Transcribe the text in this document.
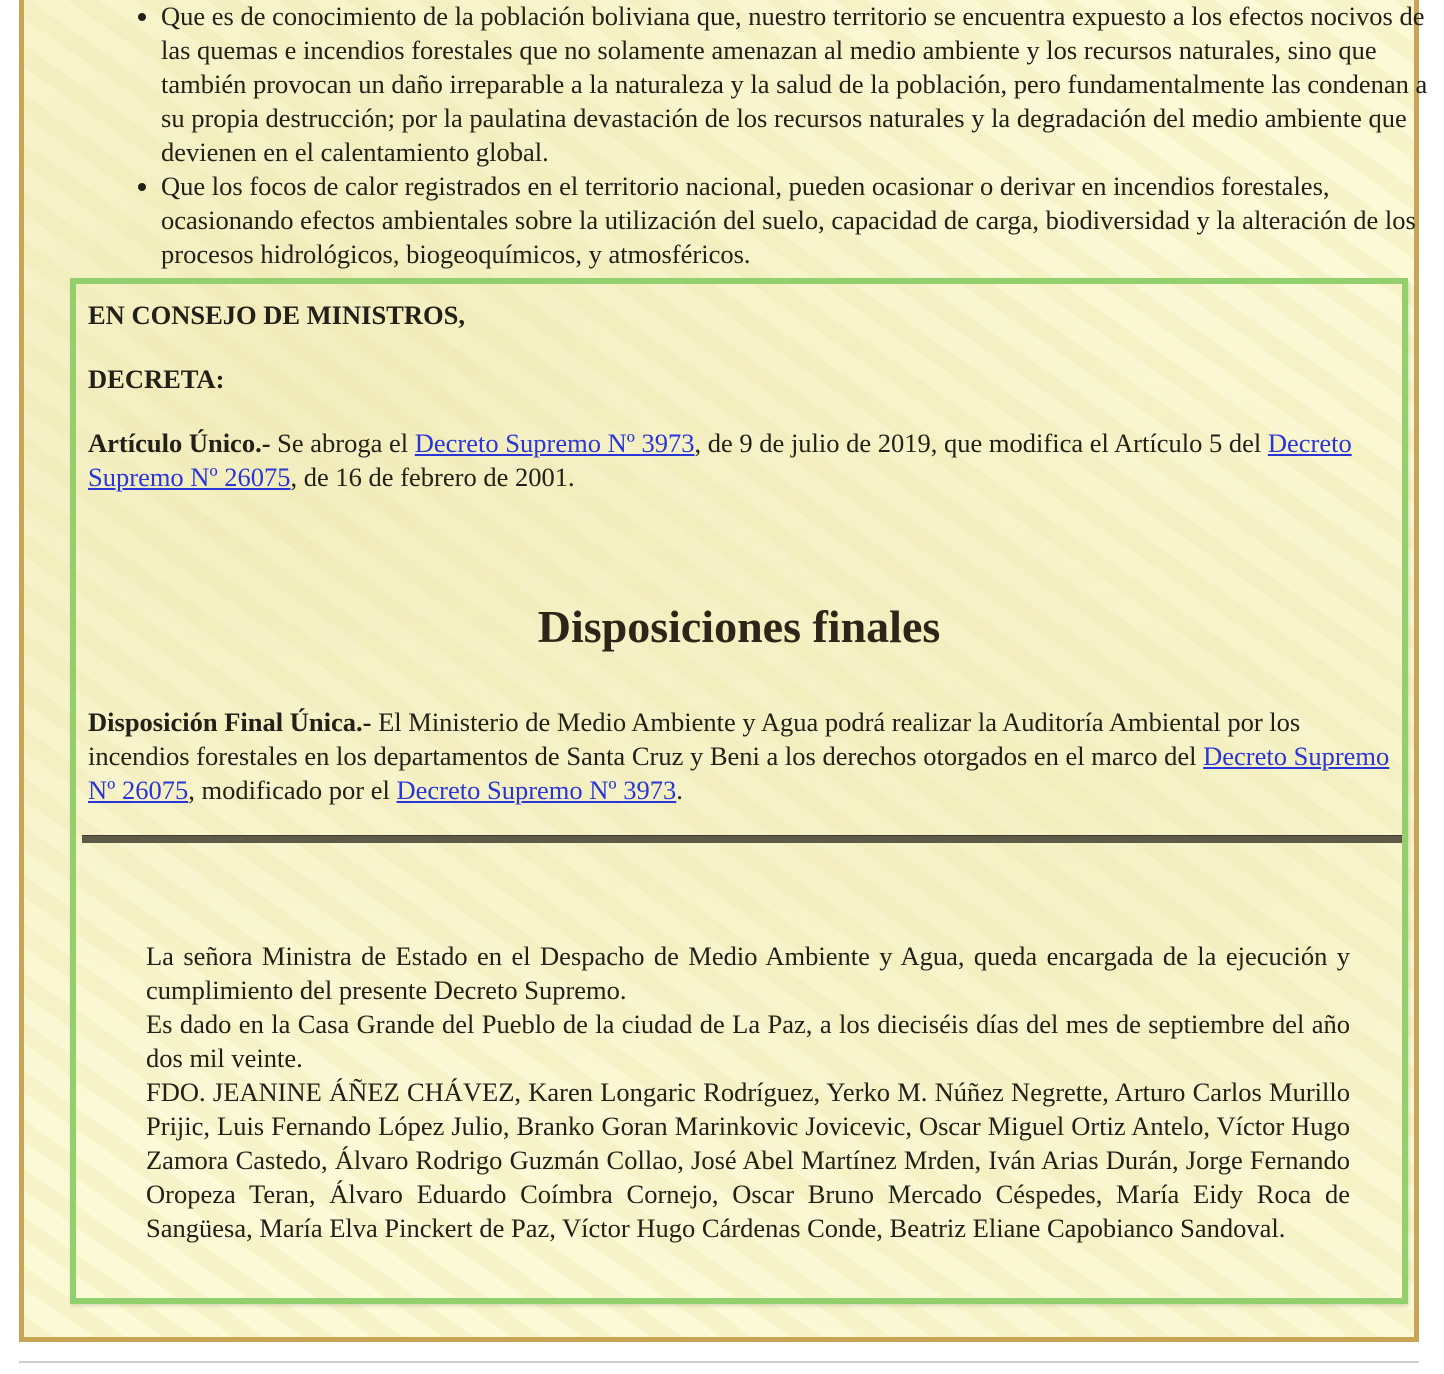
• Que es de conocimiento de la población boliviana que, nuestro territorio se encuentra expuesto a los efectos nocivos de las quemas e incendios forestales que no solamente amenazan al medio ambiente y los recursos naturales, sino que también provocan un daño irreparable a la naturaleza y la salud de la población, pero fundamentalmente las condenan a su propia destrucción; por la paulatina devastación de los recursos naturales y la degradación del medio ambiente que devienen en el calentamiento global.
• Que los focos de calor registrados en el territorio nacional, pueden ocasionar o derivar en incendios forestales, ocasionando efectos ambientales sobre la utilización del suelo, capacidad de carga, biodiversidad y la alteración de los procesos hidrológicos, biogeoquímicos, y atmosféricos.

EN CONSEJO DE MINISTROS,

DECRETA:

Artículo Único.- Se abroga el Decreto Supremo Nº 3973, de 9 de julio de 2019, que modifica el Artículo 5 del Decreto Supremo Nº 26075, de 16 de febrero de 2001.

Disposiciones finales

Disposición Final Única.- El Ministerio de Medio Ambiente y Agua podrá realizar la Auditoría Ambiental por los incendios forestales en los departamentos de Santa Cruz y Beni a los derechos otorgados en el marco del Decreto Supremo Nº 26075, modificado por el Decreto Supremo Nº 3973.

La señora Ministra de Estado en el Despacho de Medio Ambiente y Agua, queda encargada de la ejecución y cumplimiento del presente Decreto Supremo.

Es dado en la Casa Grande del Pueblo de la ciudad de La Paz, a los dieciséis días del mes de septiembre del año dos mil veinte.

FDO. JEANINE ÁÑEZ CHÁVEZ, Karen Longaric Rodríguez, Yerko M. Núñez Negrette, Arturo Carlos Murillo Prijic, Luis Fernando López Julio, Branko Goran Marinkovic Jovicevic, Oscar Miguel Ortiz Antelo, Víctor Hugo Zamora Castedo, Álvaro Rodrigo Guzmán Collao, José Abel Martínez Mrden, Iván Arias Durán, Jorge Fernando Oropeza Teran, Álvaro Eduardo Coímbra Cornejo, Oscar Bruno Mercado Céspedes, María Eidy Roca de Sangüesa, María Elva Pinckert de Paz, Víctor Hugo Cárdenas Conde, Beatriz Eliane Capobianco Sandoval.
